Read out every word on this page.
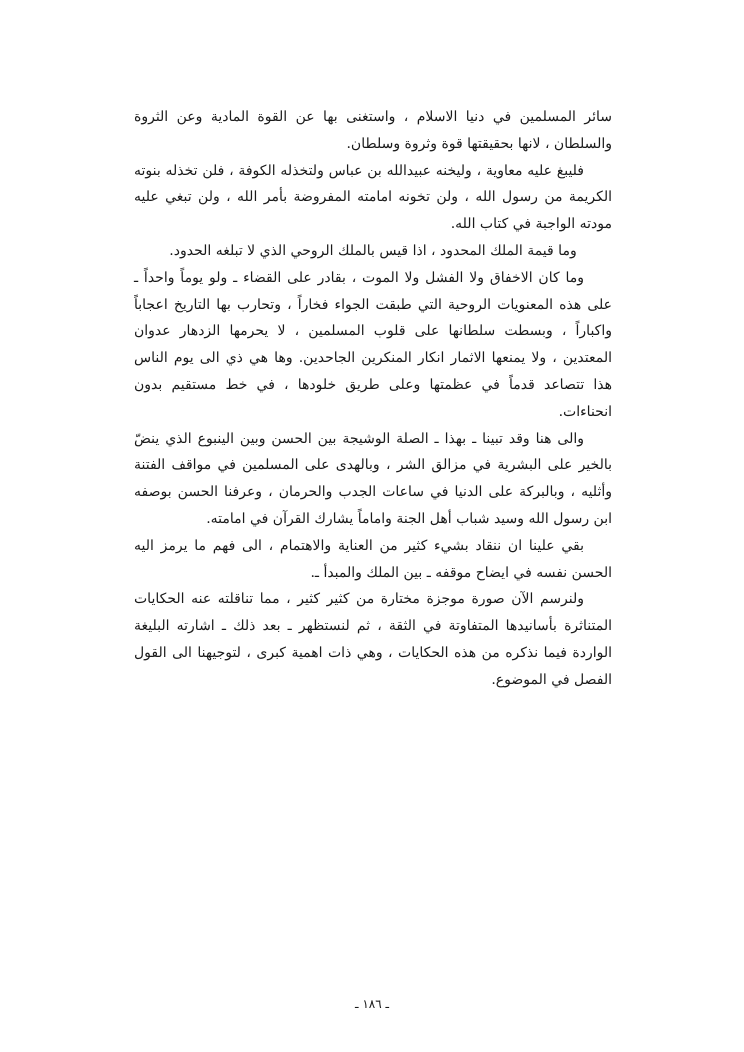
سائر المسلمين في دنيا الاسلام ، واستغنى بها عن القوة المادية وعن الثروة والسلطان ، لانها بحقيقتها قوة وثروة وسلطان.

فليبغ عليه معاوية ، وليخنه عبيدالله بن عباس ولتخذله الكوفة ، فلن تخذله بنوته الكريمة من رسول الله ، ولن تخونه امامته المفروضة بأمر الله ، ولن تبغي عليه مودته الواجبة في كتاب الله.

وما قيمة الملك المحدود ، اذا قيس بالملك الروحي الذي لا تبلغه الحدود.

وما كان الاخفاق ولا الفشل ولا الموت ، بقادر على القضاء ـ ولو يوماً واحداً ـ على هذه المعنويات الروحية التي طبقت الجواء فخاراً ، وتحارب بها التاريخ اعجاباً واكباراً ، وبسطت سلطانها على قلوب المسلمين ، لا يحرمها الزدهار عدوان المعتدين ، ولا يمنعها الاثمار انكار المنكرين الجاحدين. وها هي ذي الى يوم الناس هذا تتصاعد قدماً في عظمتها وعلى طريق خلودها ، في خط مستقيم بدون انحناءات.

والى هنا وقد تبينا ـ بهذا ـ الصلة الوشيجة بين الحسن وبين الينبوع الذي ينضّ بالخير على البشرية في مزالق الشر ، وبالهدى على المسلمين في مواقف الفتنة وأثليه ، وبالبركة على الدنيا في ساعات الجدب والحرمان ، وعرفنا الحسن بوصفه ابن رسول الله وسيد شباب أهل الجنة واماماً يشارك القرآن في امامته.

بقي علينا ان ننقاد بشيء كثير من العناية والاهتمام ، الى فهم ما يرمز اليه الحسن نفسه في ايضاح موقفه ـ بين الملك والمبدأ ـ.

ولنرسم الآن صورة موجزة مختارة من كثير كثير ، مما تناقلته عنه الحكايات المتناثرة بأسانيدها المتفاوتة في الثقة ، ثم لنستظهر ـ بعد ذلك ـ اشارته البليغة الواردة فيما نذكره من هذه الحكايات ، وهي ذات اهمية كبرى ، لتوجيهنا الى القول الفصل في الموضوع.

ـ ١٨٦ ـ
